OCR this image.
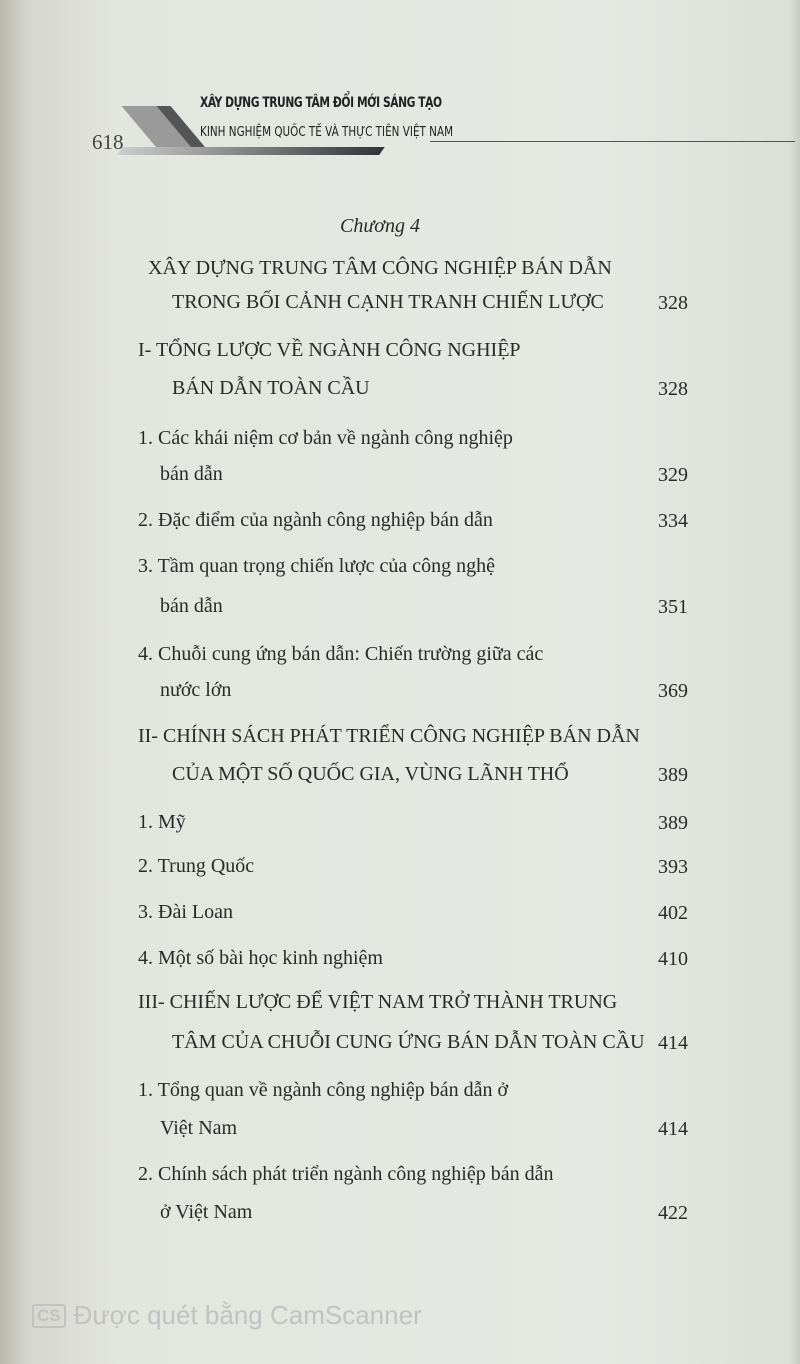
618
XÂY DỰNG TRUNG TÂM ĐỔI MỚI SÁNG TẠO
KINH NGHIỆM QUỐC TẾ VÀ THỰC TIỄN VIỆT NAM
Chương 4
XÂY DỰNG TRUNG TÂM CÔNG NGHIỆP BÁN DẪN
TRONG BỐI CẢNH CẠNH TRANH CHIẾN LƯỢC	328
I- TỔNG LƯỢC VỀ NGÀNH CÔNG NGHIỆP
BÁN DẪN TOÀN CẦU	328
1. Các khái niệm cơ bản về ngành công nghiệp
bán dẫn	329
2. Đặc điểm của ngành công nghiệp bán dẫn	334
3. Tầm quan trọng chiến lược của công nghệ
bán dẫn	351
4. Chuỗi cung ứng bán dẫn: Chiến trường giữa các
nước lớn	369
II- CHÍNH SÁCH PHÁT TRIỂN CÔNG NGHIỆP BÁN DẪN
CỦA MỘT SỐ QUỐC GIA, VÙNG LÃNH THỔ	389
1. Mỹ	389
2. Trung Quốc	393
3. Đài Loan	402
4. Một số bài học kinh nghiệm	410
III- CHIẾN LƯỢC ĐỂ VIỆT NAM TRỞ THÀNH TRUNG
TÂM CỦA CHUỖI CUNG ỨNG BÁN DẪN TOÀN CẦU 414
1. Tổng quan về ngành công nghiệp bán dẫn ở
Việt Nam	414
2. Chính sách phát triển ngành công nghiệp bán dẫn
ở Việt Nam	422
CS Được quét bằng CamScanner
